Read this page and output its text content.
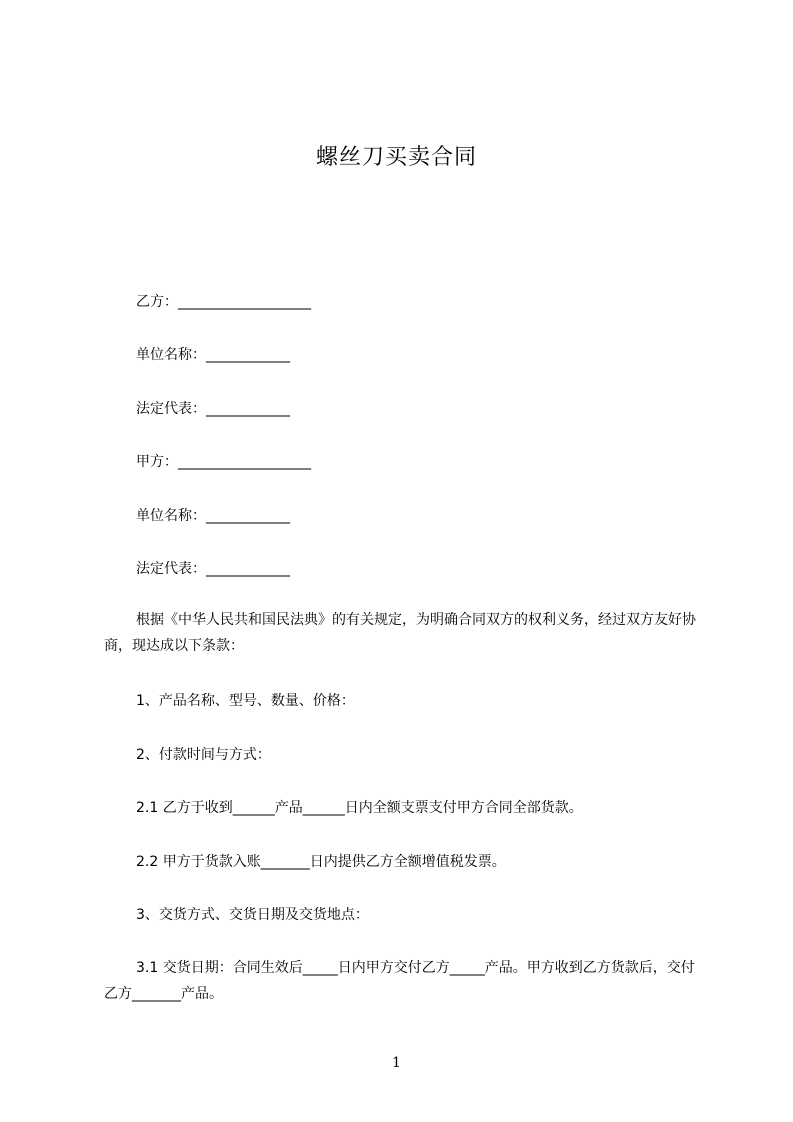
螺丝刀买卖合同
乙方：___________________
单位名称：____________
法定代表：____________
甲方：___________________
单位名称：____________
法定代表：____________
根据《中华人民共和国民法典》的有关规定，为明确合同双方的权利义务，经过双方友好协商，现达成以下条款：
1、产品名称、型号、数量、价格：
2、付款时间与方式：
2.1 乙方于收到______产品______日内全额支票支付甲方合同全部货款。
2.2 甲方于货款入账_______日内提供乙方全额增值税发票。
3、交货方式、交货日期及交货地点：
3.1 交货日期：合同生效后_____日内甲方交付乙方_____产品。甲方收到乙方货款后，交付乙方_______产品。
1
